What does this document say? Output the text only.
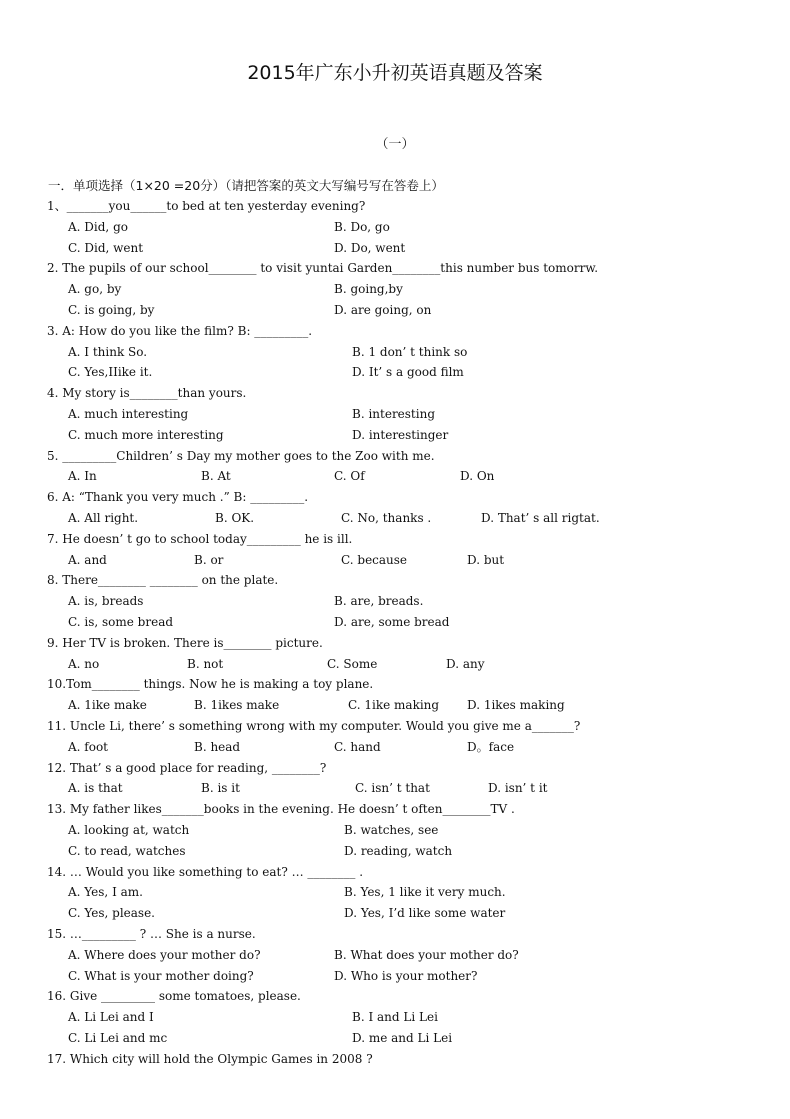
2015年广东小升初英语真题及答案
（一）
一．单项选择（1×20 =20分）（请把答案的英文大写编号写在答卷上）
1、_______you______to bed at ten yesterday evening?
A. Did, go	B. Do, go
C. Did, went	D. Do, went
2. The pupils of our school________ to visit yuntai Garden________this number bus tomorrw.
A. go, by	B. going,by
C. is going, by	D. are going, on
3. A: How do you like the film? B: _________.
A. I think So.	B. 1 don’ t think so
C. Yes,IIike it.	D. It’ s a good film
4. My story is________than yours.
A. much interesting	B. interesting
C. much more interesting	D. interestinger
5. _________Children’ s Day my mother goes to the Zoo with me.
A. In	B. At	C. Of	D. On
6. A: “Thank you very much .” B: _________.
A. All right.	B. OK.	C. No, thanks .	D. That’ s all rigtat.
7. He doesn’ t go to school today_________ he is ill.
A. and	B. or	C. because	D. but
8. There________ ________ on the plate.
A. is, breads	B. are, breads.
C. is, some bread	D. are, some bread
9. Her TV is broken. There is________ picture.
A. no	B. not	C. Some	D. any
10.Tom________ things. Now he is making a toy plane.
A. 1ike make	B. 1ikes make	C. 1ike making D. 1ikes making
11. Uncle Li, there’ s something wrong with my computer. Would you give me a_______?
A. foot	B. head	C. hand	D。face
12. That’ s a good place for reading, ________?
A. is that	B. is it	C. isn’ t that	D. isn’ t it
13. My father likes_______books in the evening. He doesn’ t often________TV .
A. looking at, watch	B. watches, see
C. to read, watches	D. reading, watch
14. … Would you like something to eat? … ________ .
A. Yes, I am.	B. Yes, 1 like it very much.
C. Yes, please.	D. Yes, I’d like some water
15. …_________ ? … She is a nurse.
A. Where does your mother do?	B. What does your mother do?
C. What is your mother doing?	D. Who is your mother?
16. Give _________ some tomatoes, please.
A. Li Lei and I	B. I and Li Lei
C. Li Lei and mc	D. me and Li Lei
17. Which city will hold the Olympic Games in 2008 ?
